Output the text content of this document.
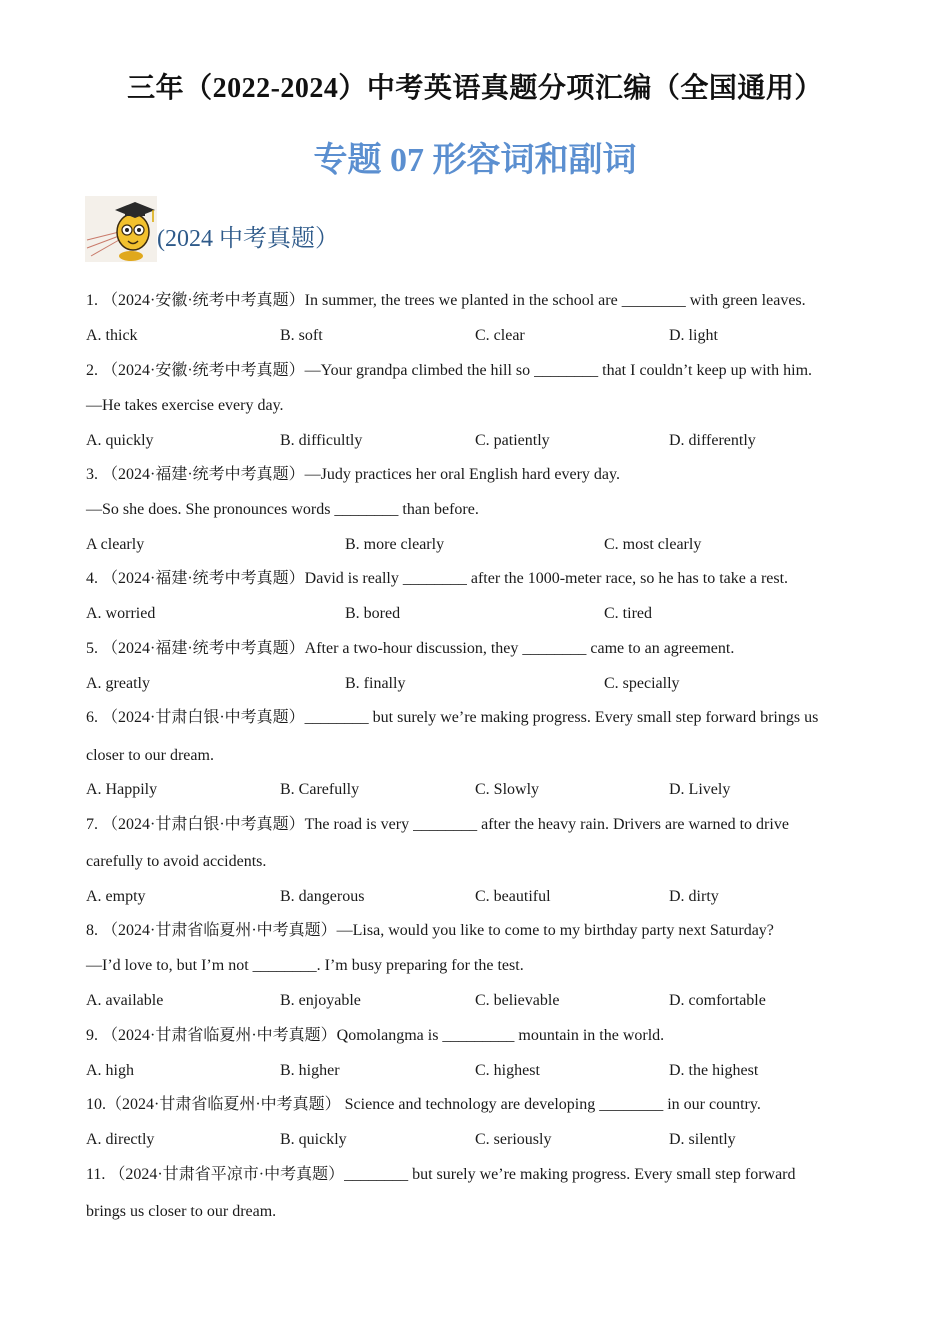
三年（2022-2024）中考英语真题分项汇编（全国通用）
专题 07 形容词和副词
(2024 中考真题）
1. （2024·安徽·统考中考真题）In summer, the trees we planted in the school are ________ with green leaves.
A. thick	B. soft	C. clear	D. light
2. （2024·安徽·统考中考真题）—Your grandpa climbed the hill so ________ that I couldn’t keep up with him.
—He takes exercise every day.
A. quickly	B. difficultly	C. patiently	D. differently
3. （2024·福建·统考中考真题）—Judy practices her oral English hard every day.
—So she does. She pronounces words ________ than before.
A clearly	B. more clearly	C. most clearly
4. （2024·福建·统考中考真题）David is really ________ after the 1000-meter race, so he has to take a rest.
A. worried	B. bored	C. tired
5. （2024·福建·统考中考真题）After a two-hour discussion, they ________ came to an agreement.
A. greatly	B. finally	C. specially
6. （2024·甘肃白银·中考真题）________ but surely we’re making progress. Every small step forward brings us
closer to our dream.
A. Happily	B. Carefully	C. Slowly	D. Lively
7. （2024·甘肃白银·中考真题）The road is very ________ after the heavy rain. Drivers are warned to drive
carefully to avoid accidents.
A. empty	B. dangerous	C. beautiful	D. dirty
8. （2024·甘肃省临夏州·中考真题）—Lisa, would you like to come to my birthday party next Saturday?
—I’d love to, but I’m not ________. I’m busy preparing for the test.
A. available	B. enjoyable	C. believable	D. comfortable
9. （2024·甘肃省临夏州·中考真题）Qomolangma is _________ mountain in the world.
A. high	B. higher	C. highest	D. the highest
10.（2024·甘肃省临夏州·中考真题） Science and technology are developing ________ in our country.
A. directly	B. quickly	C. seriously	D. silently
11. （2024·甘肃省平凉市·中考真题）________ but surely we’re making progress. Every small step forward
brings us closer to our dream.
